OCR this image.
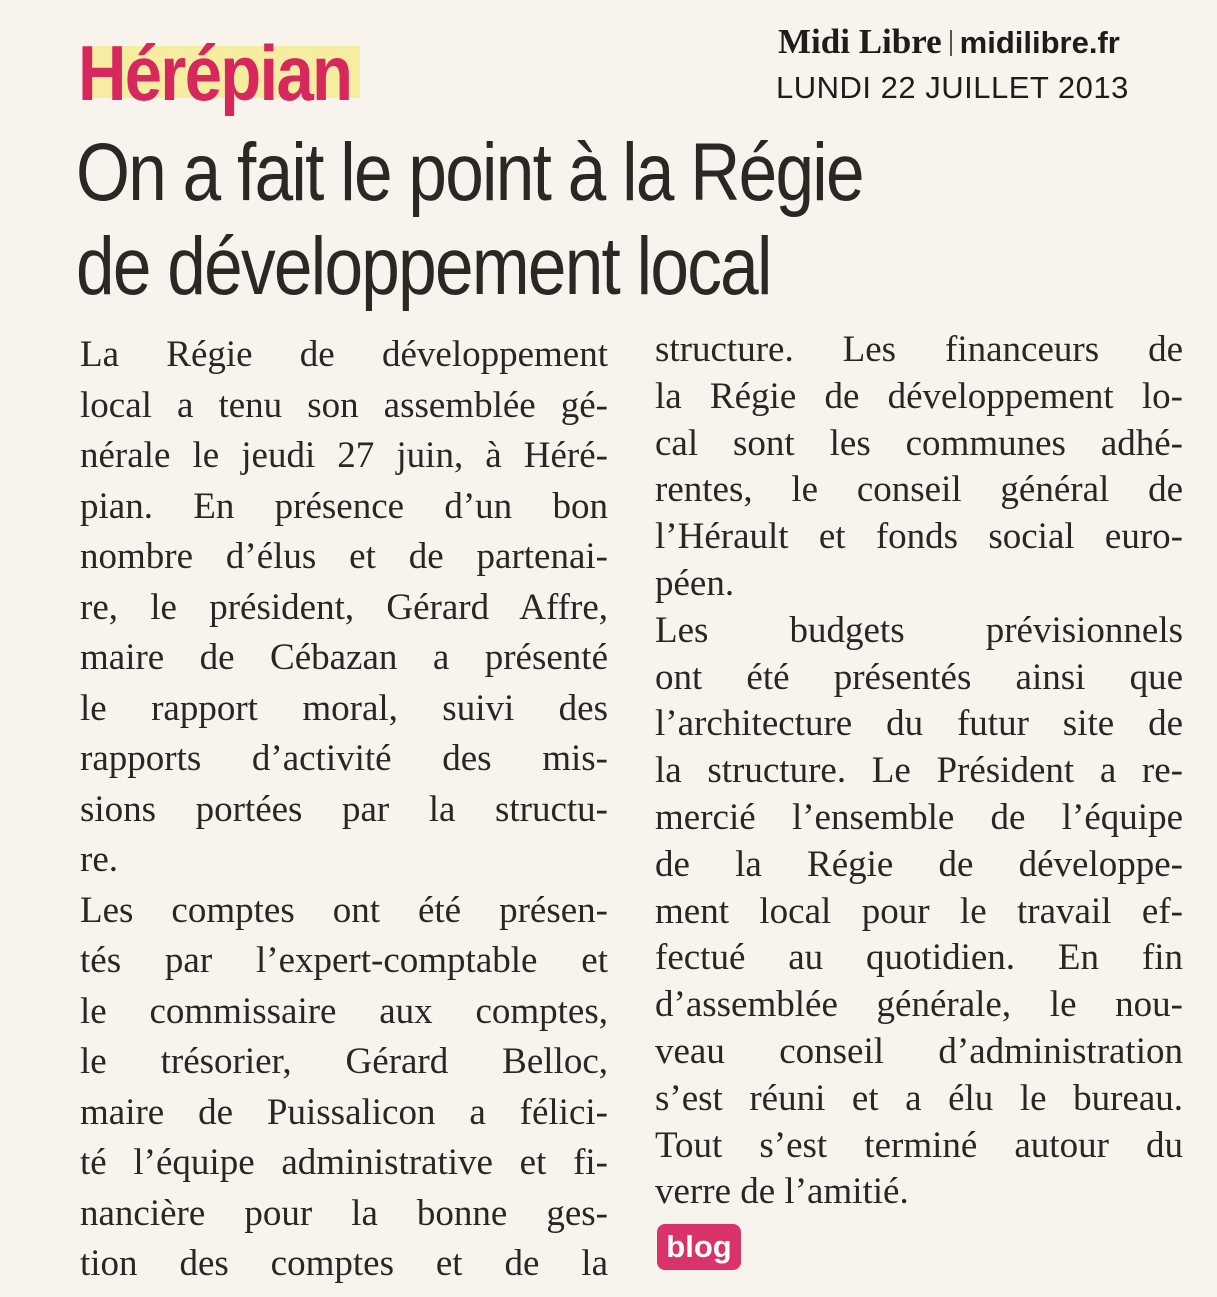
Hérépian	Midi Libre midilibre.fr
LUNDI 22 JUILLET 2013
On a fait le point à la Régie
de développement local
La Régie de développement
local a tenu son assemblée gé-
nérale le jeudi 27 juin, à Héré-
pian. En présence d’un bon
nombre d’élus et de partenai-
re, le président, Gérard Affre,
maire de Cébazan a présenté
le rapport moral, suivi des
rapports d’activité des mis-
sions portées par la structu-
re.
Les comptes ont été présen-
tés par l’expert-comptable et
le commissaire aux comptes,
le trésorier, Gérard Belloc,
maire de Puissalicon a félici-
té l’équipe administrative et fi-
nancière pour la bonne ges-
tion des comptes et de la
structure. Les financeurs de
la Régie de développement lo-
cal sont les communes adhé-
rentes, le conseil général de
l’Hérault et fonds social euro-
péen.
Les budgets prévisionnels
ont été présentés ainsi que
l’architecture du futur site de
la structure. Le Président a re-
mercié l’ensemble de l’équipe
de la Régie de développe-
ment local pour le travail ef-
fectué au quotidien. En fin
d’assemblée générale, le nou-
veau conseil d’administration
s’est réuni et a élu le bureau.
Tout s’est terminé autour du
verre de l’amitié.
blog
